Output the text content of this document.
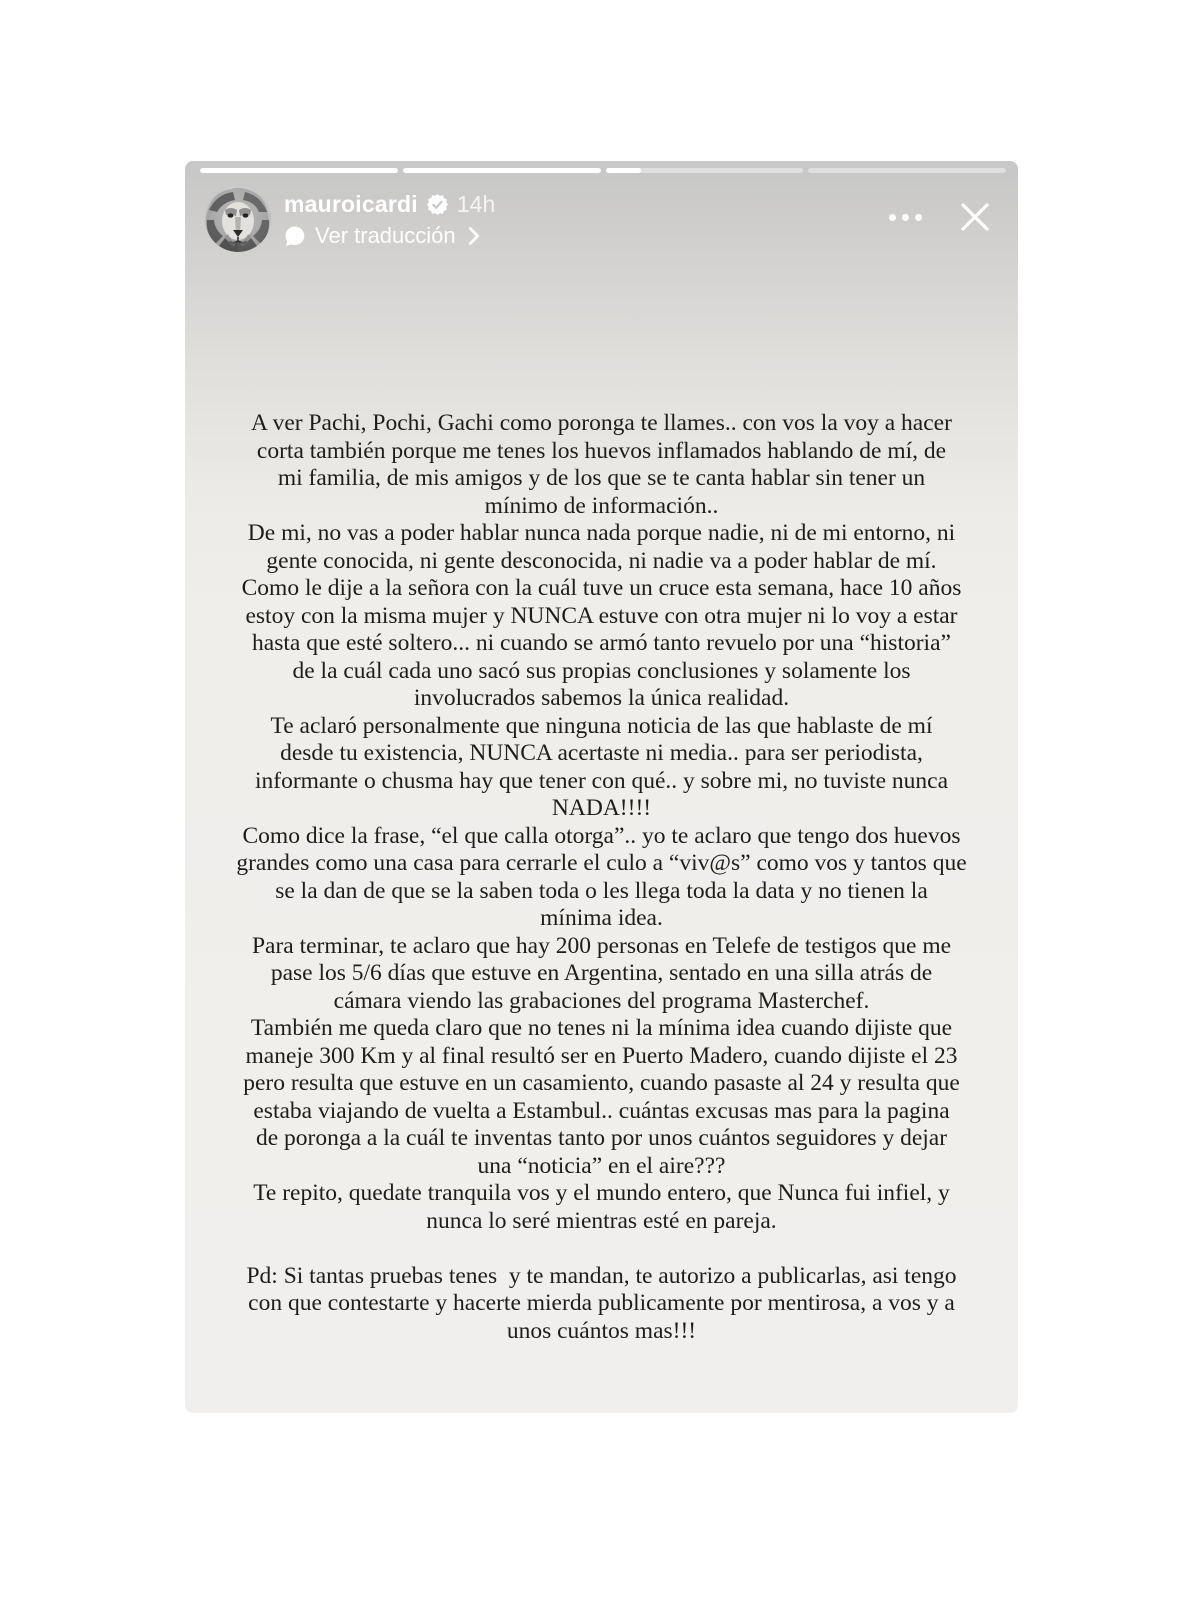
mauroicardi 14h
Ver traducción
A ver Pachi, Pochi, Gachi como poronga te llames.. con vos la voy a hacer
corta también porque me tenes los huevos inflamados hablando de mí, de
mi familia, de mis amigos y de los que se te canta hablar sin tener un
mínimo de información..
De mi, no vas a poder hablar nunca nada porque nadie, ni de mi entorno, ni
gente conocida, ni gente desconocida, ni nadie va a poder hablar de mí.
Como le dije a la señora con la cuál tuve un cruce esta semana, hace 10 años
estoy con la misma mujer y NUNCA estuve con otra mujer ni lo voy a estar
hasta que esté soltero... ni cuando se armó tanto revuelo por una “historia”
de la cuál cada uno sacó sus propias conclusiones y solamente los
involucrados sabemos la única realidad.
Te aclaró personalmente que ninguna noticia de las que hablaste de mí
desde tu existencia, NUNCA acertaste ni media.. para ser periodista,
informante o chusma hay que tener con qué.. y sobre mi, no tuviste nunca
NADA!!!!
Como dice la frase, “el que calla otorga”.. yo te aclaro que tengo dos huevos
grandes como una casa para cerrarle el culo a “viv@s” como vos y tantos que
se la dan de que se la saben toda o les llega toda la data y no tienen la
mínima idea.
Para terminar, te aclaro que hay 200 personas en Telefe de testigos que me
pase los 5/6 días que estuve en Argentina, sentado en una silla atrás de
cámara viendo las grabaciones del programa Masterchef.
También me queda claro que no tenes ni la mínima idea cuando dijiste que
maneje 300 Km y al final resultó ser en Puerto Madero, cuando dijiste el 23
pero resulta que estuve en un casamiento, cuando pasaste al 24 y resulta que
estaba viajando de vuelta a Estambul.. cuántas excusas mas para la pagina
de poronga a la cuál te inventas tanto por unos cuántos seguidores y dejar
una “noticia” en el aire???
Te repito, quedate tranquila vos y el mundo entero, que Nunca fui infiel, y
nunca lo seré mientras esté en pareja.
Pd: Si tantas pruebas tenes  y te mandan, te autorizo a publicarlas, asi tengo
con que contestarte y hacerte mierda publicamente por mentirosa, a vos y a
unos cuántos mas!!!
